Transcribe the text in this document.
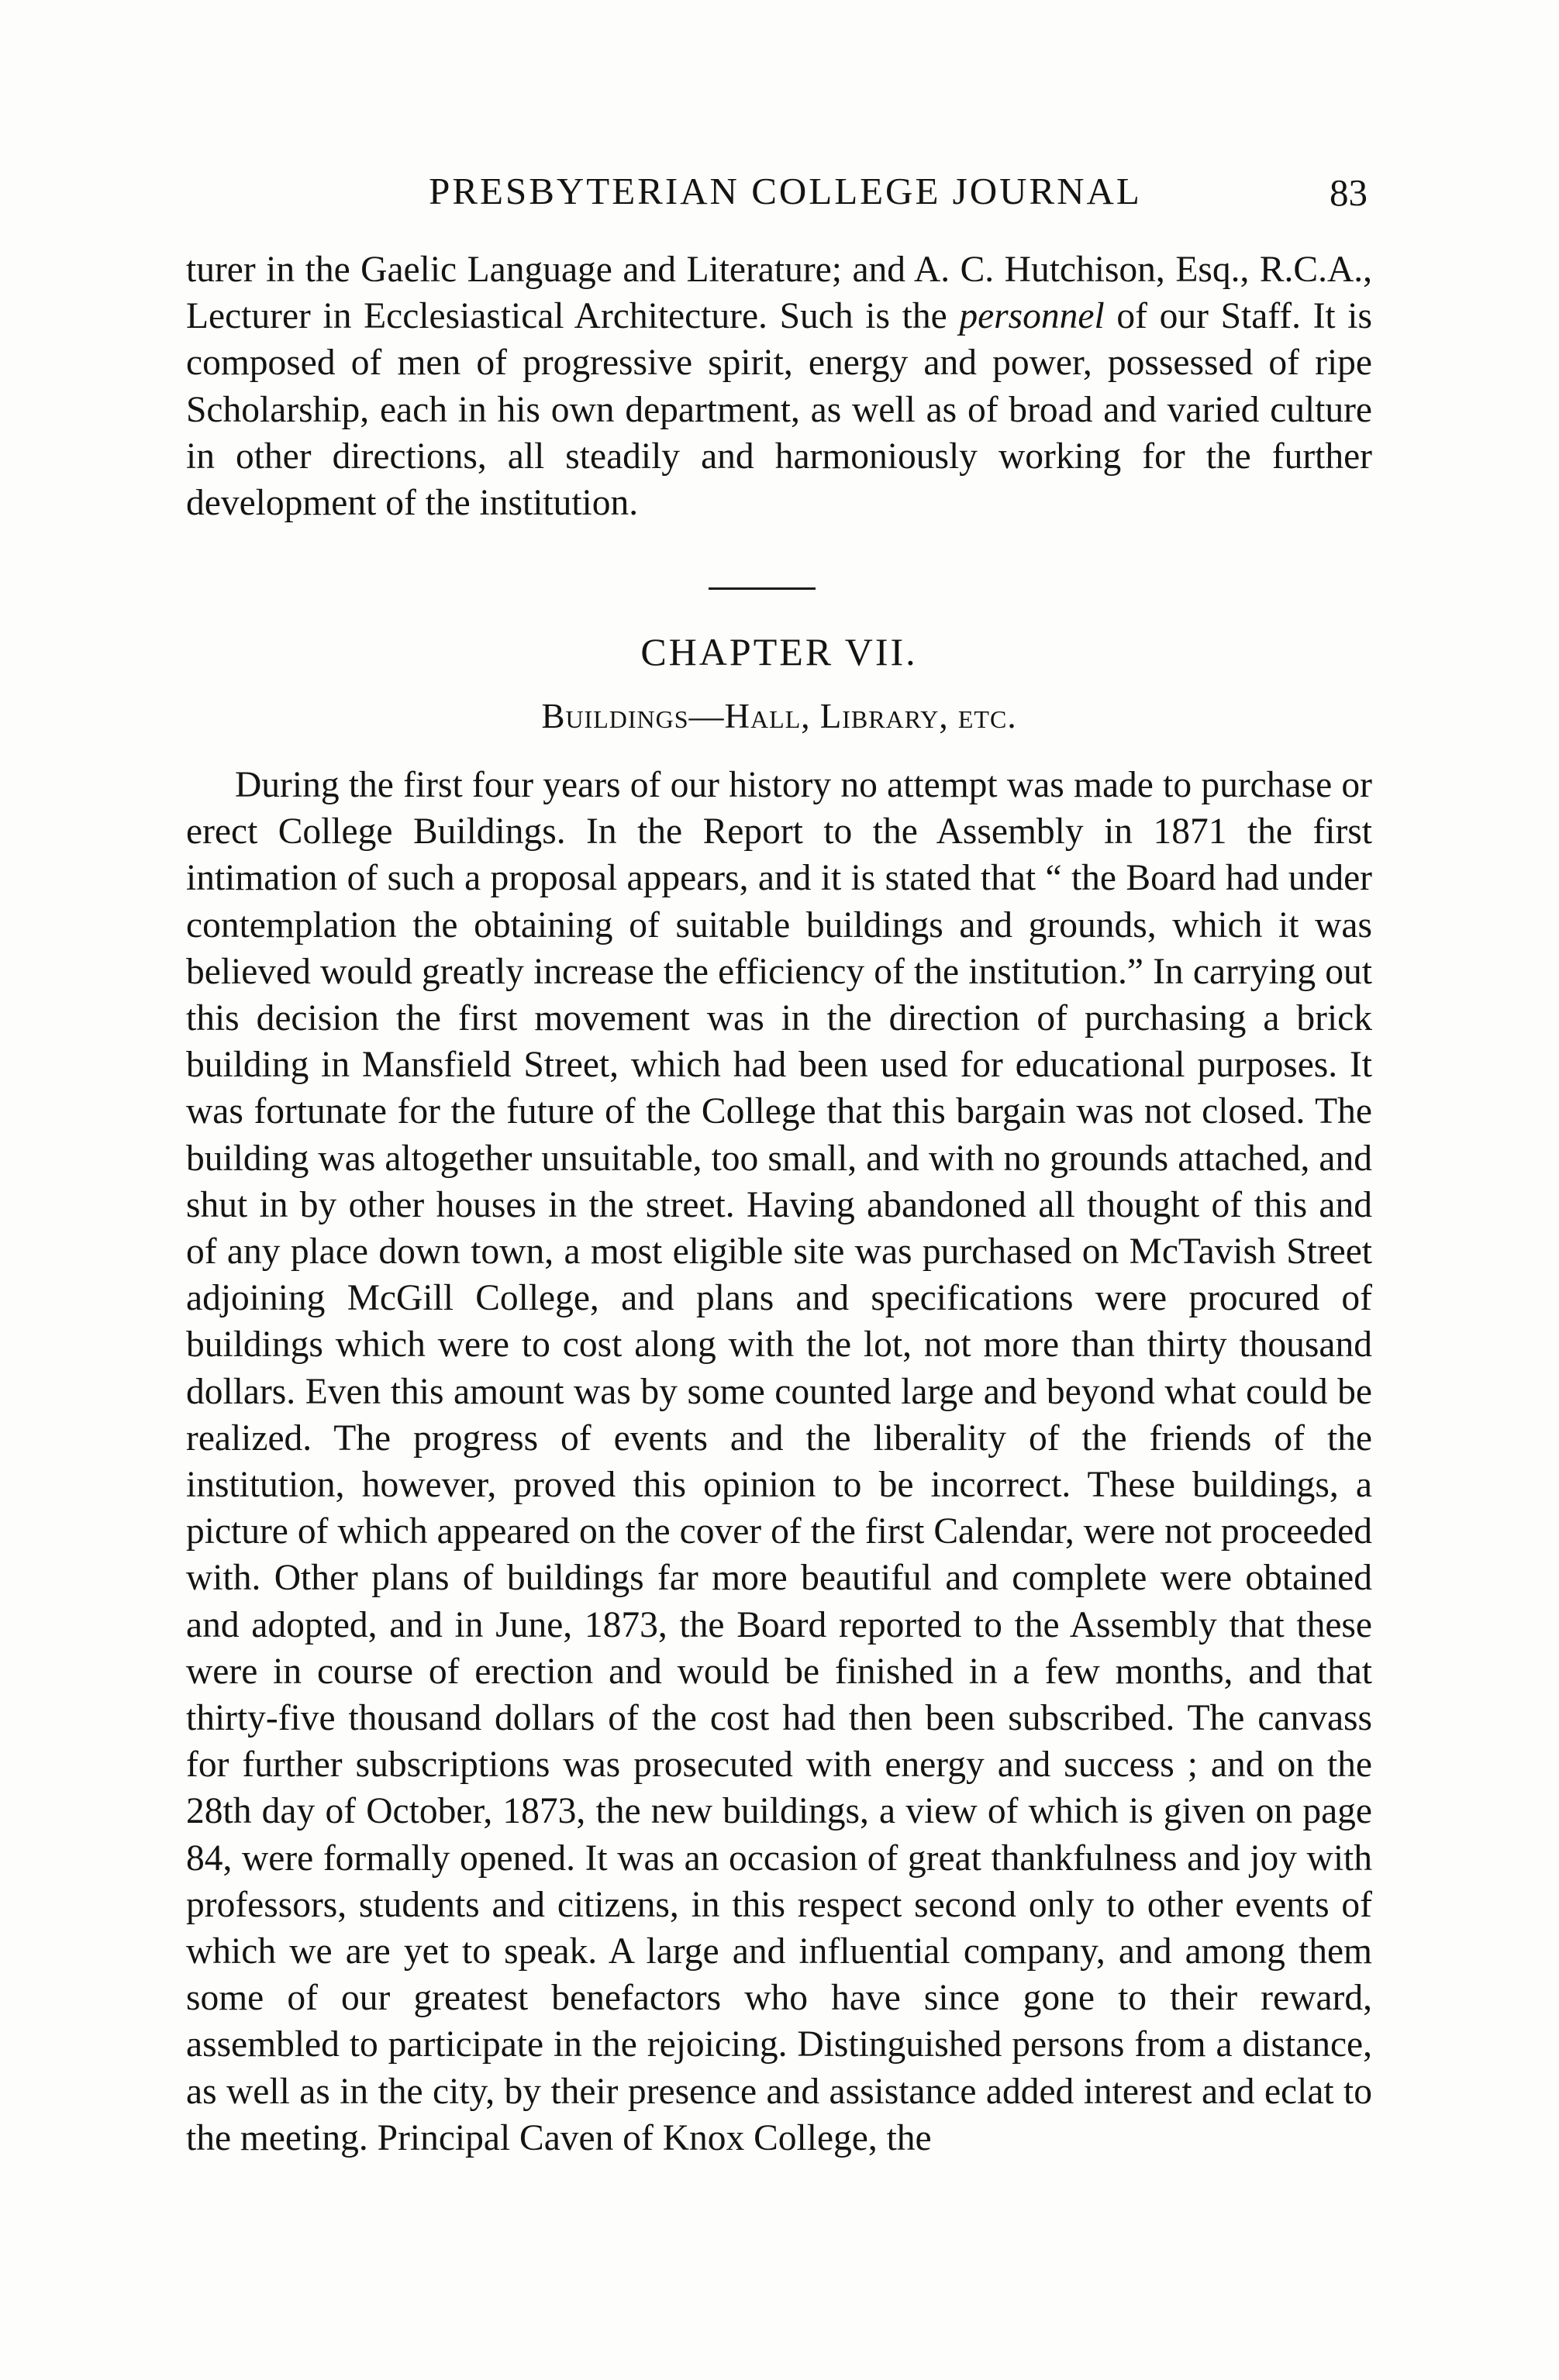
PRESBYTERIAN COLLEGE JOURNAL	83

turer in the Gaelic Language and Literature; and A. C. Hutchison, Esq., R.C.A., Lecturer in Ecclesiastical Architecture. Such is the personnel of our Staff. It is composed of men of progressive spirit, energy and power, possessed of ripe Scholarship, each in his own department, as well as of broad and varied culture in other directions, all steadily and harmoniously working for the further development of the institution.

CHAPTER VII.
Buildings—Hall, Library, etc.

During the first four years of our history no attempt was made to purchase or erect College Buildings. In the Report to the Assembly in 1871 the first intimation of such a proposal appears, and it is stated that “ the Board had under contemplation the obtaining of suitable buildings and grounds, which it was believed would greatly increase the efficiency of the institution.” In carrying out this decision the first movement was in the direction of purchasing a brick building in Mansfield Street, which had been used for educational purposes. It was fortunate for the future of the College that this bargain was not closed. The building was altogether unsuitable, too small, and with no grounds attached, and shut in by other houses in the street. Having abandoned all thought of this and of any place down town, a most eligible site was purchased on McTavish Street adjoining McGill College, and plans and specifications were procured of buildings which were to cost along with the lot, not more than thirty thousand dollars. Even this amount was by some counted large and beyond what could be realized. The progress of events and the liberality of the friends of the institution, however, proved this opinion to be incorrect. These buildings, a picture of which appeared on the cover of the first Calendar, were not proceeded with. Other plans of buildings far more beautiful and complete were obtained and adopted, and in June, 1873, the Board reported to the Assembly that these were in course of erection and would be finished in a few months, and that thirty-five thousand dollars of the cost had then been subscribed. The canvass for further subscriptions was prosecuted with energy and success ; and on the 28th day of October, 1873, the new buildings, a view of which is given on page 84, were formally opened. It was an occasion of great thankfulness and joy with professors, students and citizens, in this respect second only to other events of which we are yet to speak. A large and influential company, and among them some of our greatest benefactors who have since gone to their reward, assembled to participate in the rejoicing. Distinguished persons from a distance, as well as in the city, by their presence and assistance added interest and eclat to the meeting. Principal Caven of Knox College, the
